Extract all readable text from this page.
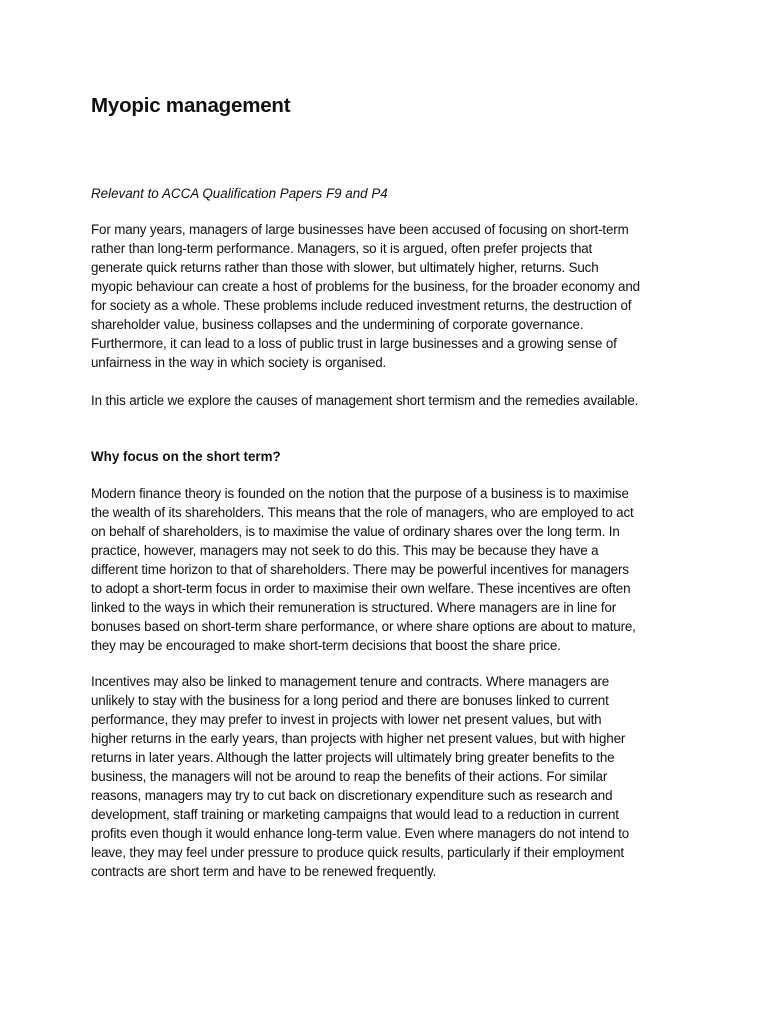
Myopic management

Relevant to ACCA Qualification Papers F9 and P4

For many years, managers of large businesses have been accused of focusing on short-term
rather than long-term performance. Managers, so it is argued, often prefer projects that
generate quick returns rather than those with slower, but ultimately higher, returns. Such
myopic behaviour can create a host of problems for the business, for the broader economy and
for society as a whole. These problems include reduced investment returns, the destruction of
shareholder value, business collapses and the undermining of corporate governance.
Furthermore, it can lead to a loss of public trust in large businesses and a growing sense of
unfairness in the way in which society is organised.

In this article we explore the causes of management short termism and the remedies available.

Why focus on the short term?

Modern finance theory is founded on the notion that the purpose of a business is to maximise
the wealth of its shareholders. This means that the role of managers, who are employed to act
on behalf of shareholders, is to maximise the value of ordinary shares over the long term. In
practice, however, managers may not seek to do this. This may be because they have a
different time horizon to that of shareholders. There may be powerful incentives for managers
to adopt a short-term focus in order to maximise their own welfare. These incentives are often
linked to the ways in which their remuneration is structured. Where managers are in line for
bonuses based on short-term share performance, or where share options are about to mature,
they may be encouraged to make short-term decisions that boost the share price.

Incentives may also be linked to management tenure and contracts. Where managers are
unlikely to stay with the business for a long period and there are bonuses linked to current
performance, they may prefer to invest in projects with lower net present values, but with
higher returns in the early years, than projects with higher net present values, but with higher
returns in later years. Although the latter projects will ultimately bring greater benefits to the
business, the managers will not be around to reap the benefits of their actions. For similar
reasons, managers may try to cut back on discretionary expenditure such as research and
development, staff training or marketing campaigns that would lead to a reduction in current
profits even though it would enhance long-term value. Even where managers do not intend to
leave, they may feel under pressure to produce quick results, particularly if their employment
contracts are short term and have to be renewed frequently.
